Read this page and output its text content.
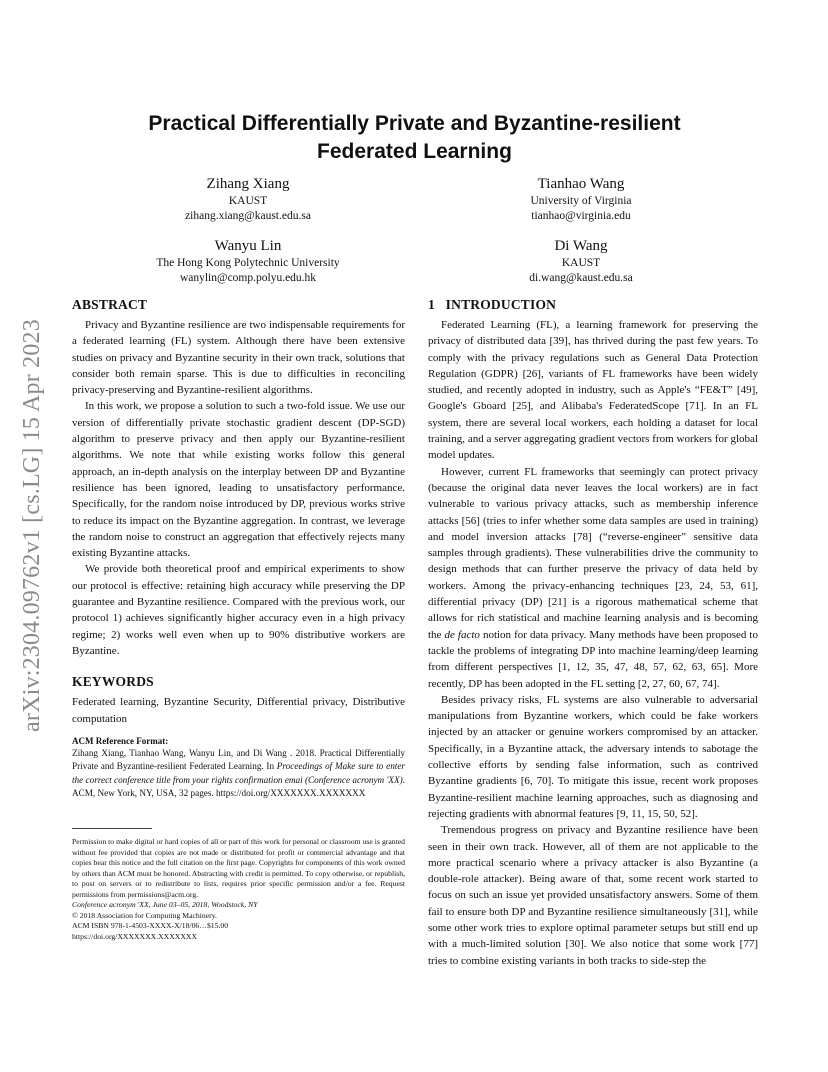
arXiv:2304.09762v1 [cs.LG] 15 Apr 2023
Practical Differentially Private and Byzantine-resilient
Federated Learning
Zihang Xiang
KAUST
zihang.xiang@kaust.edu.sa
Tianhao Wang
University of Virginia
tianhao@virginia.edu
Wanyu Lin
The Hong Kong Polytechnic University
wanylin@comp.polyu.edu.hk
Di Wang
KAUST
di.wang@kaust.edu.sa
ABSTRACT

Privacy and Byzantine resilience are two indispensable requirements for a federated learning (FL) system. Although there have been extensive studies on privacy and Byzantine security in their own track, solutions that consider both remain sparse. This is due to difficulties in reconciling privacy-preserving and Byzantine-resilient algorithms.

In this work, we propose a solution to such a two-fold issue. We use our version of differentially private stochastic gradient descent (DP-SGD) algorithm to preserve privacy and then apply our Byzantine-resilient algorithms. We note that while existing works follow this general approach, an in-depth analysis on the interplay between DP and Byzantine resilience has been ignored, leading to unsatisfactory performance. Specifically, for the random noise introduced by DP, previous works strive to reduce its impact on the Byzantine aggregation. In contrast, we leverage the random noise to construct an aggregation that effectively rejects many existing Byzantine attacks.

We provide both theoretical proof and empirical experiments to show our protocol is effective: retaining high accuracy while preserving the DP guarantee and Byzantine resilience. Compared with the previous work, our protocol 1) achieves significantly higher accuracy even in a high privacy regime; 2) works well even when up to 90% distributive workers are Byzantine.

KEYWORDS

Federated learning, Byzantine Security, Differential privacy, Distributive computation

ACM Reference Format:
Zihang Xiang, Tianhao Wang, Wanyu Lin, and Di Wang . 2018. Practical Differentially Private and Byzantine-resilient Federated Learning. In Proceedings of Make sure to enter the correct conference title from your rights confirmation emai (Conference acronym 'XX). ACM, New York, NY, USA, 32 pages. https://doi.org/XXXXXXX.XXXXXXX
Permission to make digital or hard copies of all or part of this work for personal or classroom use is granted without fee provided that copies are not made or distributed for profit or commercial advantage and that copies bear this notice and the full citation on the first page. Copyrights for components of this work owned by others than ACM must be honored. Abstracting with credit is permitted. To copy otherwise, or republish, to post on servers or to redistribute to lists, requires prior specific permission and/or a fee. Request permissions from permissions@acm.org.
Conference acronym 'XX, June 03–05, 2018, Woodstock, NY
© 2018 Association for Computing Machinery.
ACM ISBN 978-1-4503-XXXX-X/18/06…$15.00
https://doi.org/XXXXXXX.XXXXXXX
1   INTRODUCTION

Federated Learning (FL), a learning framework for preserving the privacy of distributed data [39], has thrived during the past few years. To comply with the privacy regulations such as General Data Protection Regulation (GDPR) [26], variants of FL frameworks have been widely studied, and recently adopted in industry, such as Apple's “FE&T” [49], Google's Gboard [25], and Alibaba's FederatedScope [71]. In an FL system, there are several local workers, each holding a dataset for local training, and a server aggregating gradient vectors from workers for global model updates.

However, current FL frameworks that seemingly can protect privacy (because the original data never leaves the local workers) are in fact vulnerable to various privacy attacks, such as membership inference attacks [56] (tries to infer whether some data samples are used in training) and model inversion attacks [78] (“reverse-engineer” sensitive data samples through gradients). These vulnerabilities drive the community to design methods that can further preserve the privacy of data held by workers. Among the privacy-enhancing techniques [23, 24, 53, 61], differential privacy (DP) [21] is a rigorous mathematical scheme that allows for rich statistical and machine learning analysis and is becoming the de facto notion for data privacy. Many methods have been proposed to tackle the problems of integrating DP into machine learning/deep learning from different perspectives [1, 12, 35, 47, 48, 57, 62, 63, 65]. More recently, DP has been adopted in the FL setting [2, 27, 60, 67, 74].

Besides privacy risks, FL systems are also vulnerable to adversarial manipulations from Byzantine workers, which could be fake workers injected by an attacker or genuine workers compromised by an attacker. Specifically, in a Byzantine attack, the adversary intends to sabotage the collective efforts by sending false information, such as contrived Byzantine gradients [6, 70]. To mitigate this issue, recent work proposes Byzantine-resilient machine learning approaches, such as diagnosing and rejecting gradients with abnormal features [9, 11, 15, 50, 52].

Tremendous progress on privacy and Byzantine resilience have been seen in their own track. However, all of them are not applicable to the more practical scenario where a privacy attacker is also Byzantine (a double-role attacker). Being aware of that, some recent work started to focus on such an issue yet provided unsatisfactory answers. Some of them fail to ensure both DP and Byzantine resilience simultaneously [31], while some other work tries to explore optimal parameter setups but still end up with a much-limited solution [30]. We also notice that some work [77] tries to combine existing variants in both tracks to side-step the
